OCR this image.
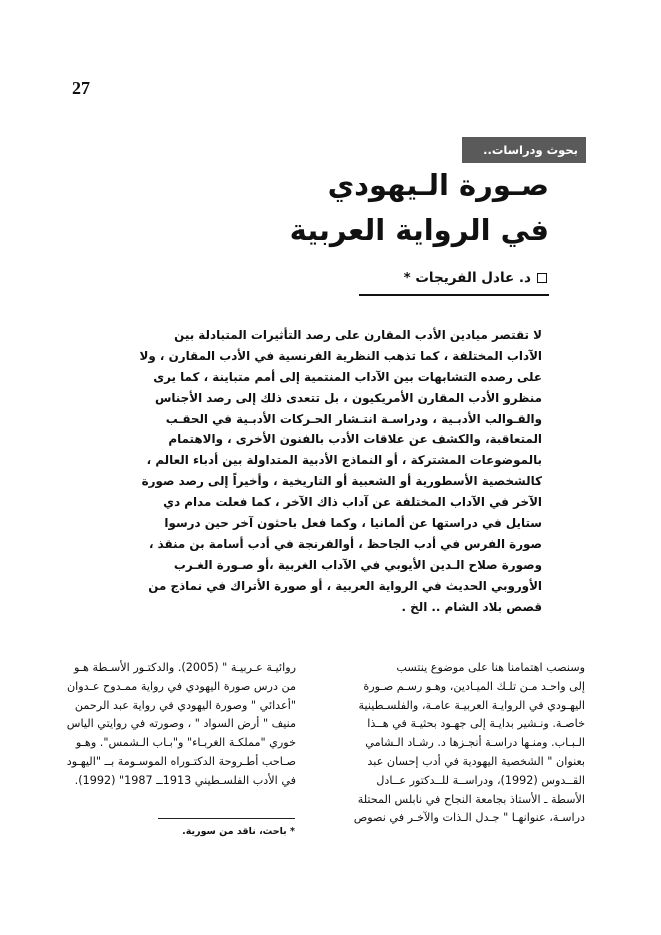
27
بحوث ودراسات..
صـورة الـيهودي
في الرواية العربية
د. عادل الفريجات *
لا تقتصر ميادين الأدب المقارن على رصد التأثيرات المتبادلة بين
الآداب المختلفة ، كما تذهب النظرية الفرنسية في الأدب المقارن ، ولا
على رصده التشابهات بين الآداب المنتمية إلى أمم متباينة ، كما يرى
منظرو الأدب المقارن الأمريكيون ، بل تتعدى ذلك إلى رصد الأجناس
والقـوالب الأدبـية ، ودراسـة انتـشار الحـركات الأدبـية في الحقـب
المتعاقبة، والكشف عن علاقات الأدب بالفنون الأخرى ، والاهتمام
بالموضوعات المشتركة ، أو النماذج الأدبية المتداولة بين أدباء العالم ،
كالشخصية الأسطورية أو الشعبية أو التاريخية ، وأخيراً إلى رصد صورة
الآخر في الآداب المختلفة عن آداب ذاك الآخر ، كما فعلت مدام دي
ستايل في دراستها عن ألمانيا ، وكما فعل باحثون آخر حين درسوا
صورة الفرس في أدب الجاحظ ، أوالفرنجة في أدب أسامة بن منقذ ،
وصورة صلاح الـدين الأيوبي في الآداب الغربية ،أو صـورة الغـرب
الأوروبي الحديث في الرواية العربية ، أو صورة الأتراك في نماذج من
قصص بلاد الشام .. الخ .
وسنصب اهتمامنا هنا على موضوع ينتسب
إلى واحـد مـن تلـك الميـادين، وهـو رسـم صـورة
اليهـودي في الروايـة العربيـة عامـة، والفلسـطينية
خاصـة. ونـشير بدايـة إلى جهـود بحثيـة في هــذا
الـبـاب. ومنـها دراسـة أنجـزها د. رشـاد الـشامي
بعنوان " الشخصية اليهودية في أدب إحسان عبد
القــدوس (1992)، ودراســة للــدكتور عــادل
الأسطة ـ الأستاذ بجامعة النجاح في نابلس المحتلة
دراسـة، عنوانهـا " جـدل الـذات والآخـر في نصوص
روائيـة عـربيـة " (2005). والدكتـور الأسـطة هـو
من درس صورة اليهودي في رواية ممـدوح عـدوان
"أعدائي " وصورة اليهودي في رواية عبد الرحمن
منيف " أرض السواد " ، وصورته في روايتي الياس
خوري "مملكـة الغربـاء" و"بـاب الـشمس". وهـو
صـاحب أطـروحة الدكتـوراه الموسـومة بــ "اليهـود
في الأدب الفلسـطيني 1913ــ 1987" (1992).
* باحث، ناقد من سورية.
